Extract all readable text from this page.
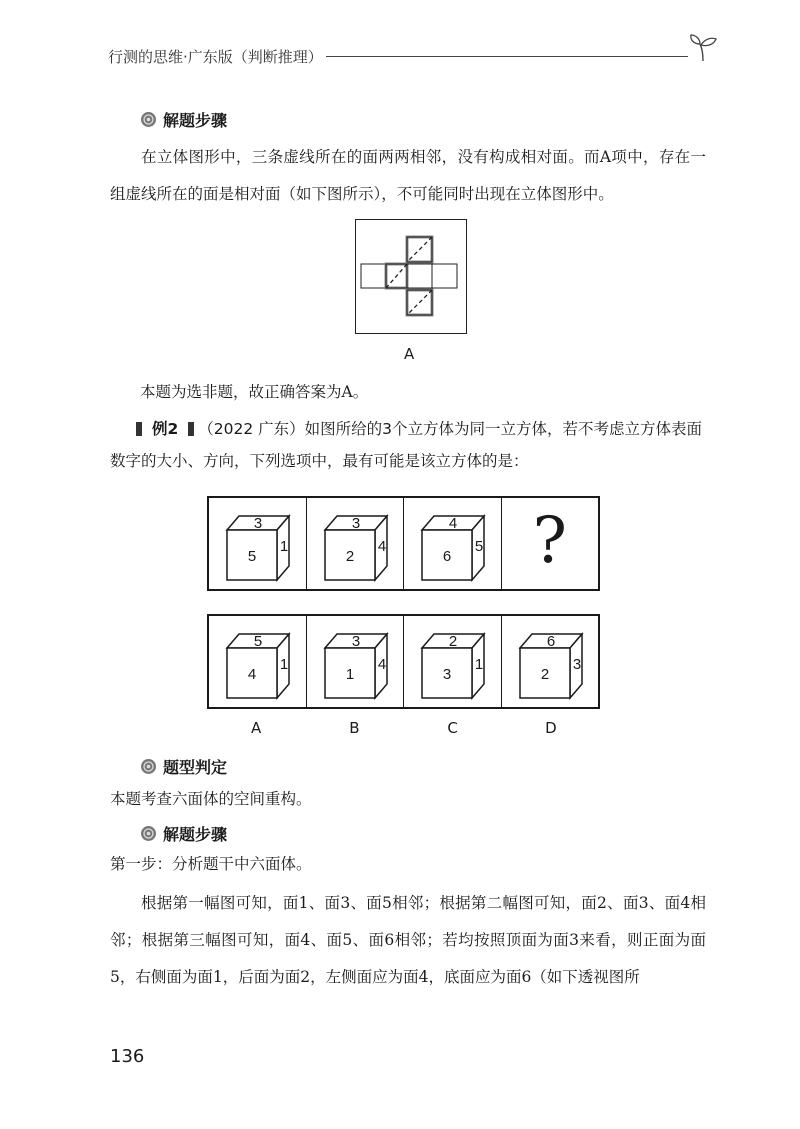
行测的思维·广东版（判断推理）
解题步骤
在立体图形中，三条虚线所在的面两两相邻，没有构成相对面。而A项中，存在一组虚线所在的面是相对面（如下图所示），不可能同时出现在立体图形中。
A
本题为选非题，故正确答案为A。
例2 （2022 广东）如图所给的3个立方体为同一立方体，若不考虑立方体表面数字的大小、方向，下列选项中，最有可能是该立方体的是：
3
5
1
3
2
4
4
6
5 ?
5
4
1
3
1
4
2
3
1
6
2
3
A	B	C	D
题型判定
本题考查六面体的空间重构。
解题步骤
第一步：分析题干中六面体。
根据第一幅图可知，面1、面3、面5相邻；根据第二幅图可知，面2、面3、面4相邻；根据第三幅图可知，面4、面5、面6相邻；若均按照顶面为面3来看，则正面为面5，右侧面为面1，后面为面2，左侧面应为面4，底面应为面6（如下透视图所
136
